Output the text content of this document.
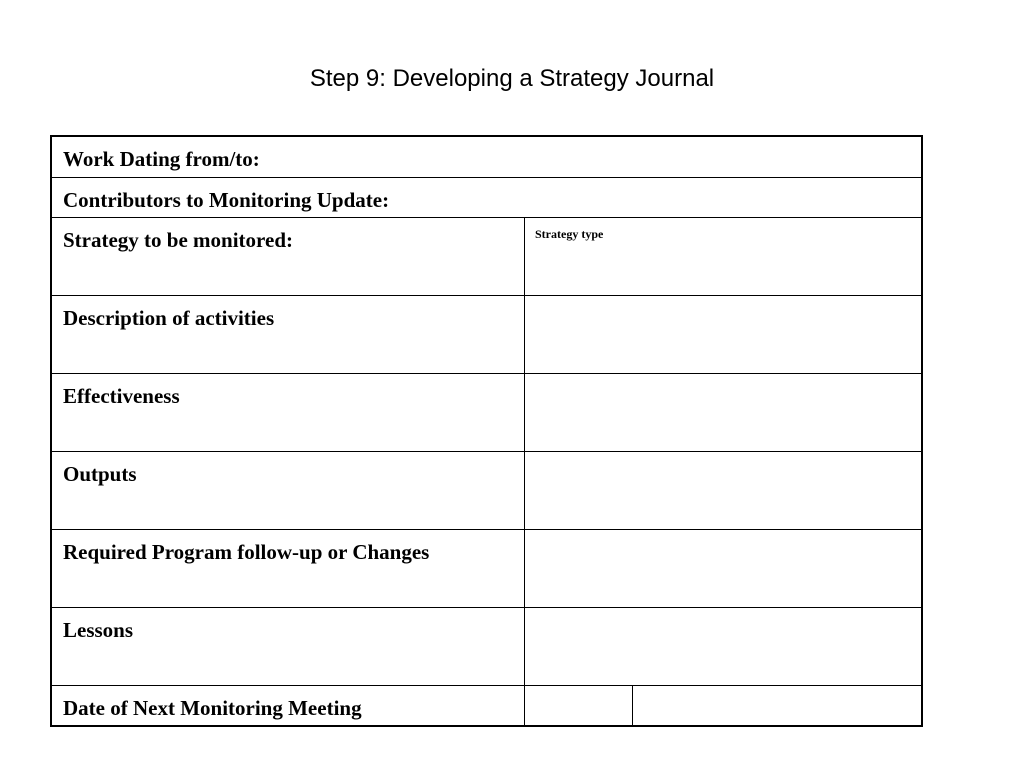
Step 9: Developing a Strategy Journal
Work Dating from/to:
Contributors to Monitoring Update:
Strategy to be monitored:	Strategy type
Description of activities
Effectiveness
Outputs
Required Program follow-up or Changes
Lessons
Date of Next Monitoring Meeting
